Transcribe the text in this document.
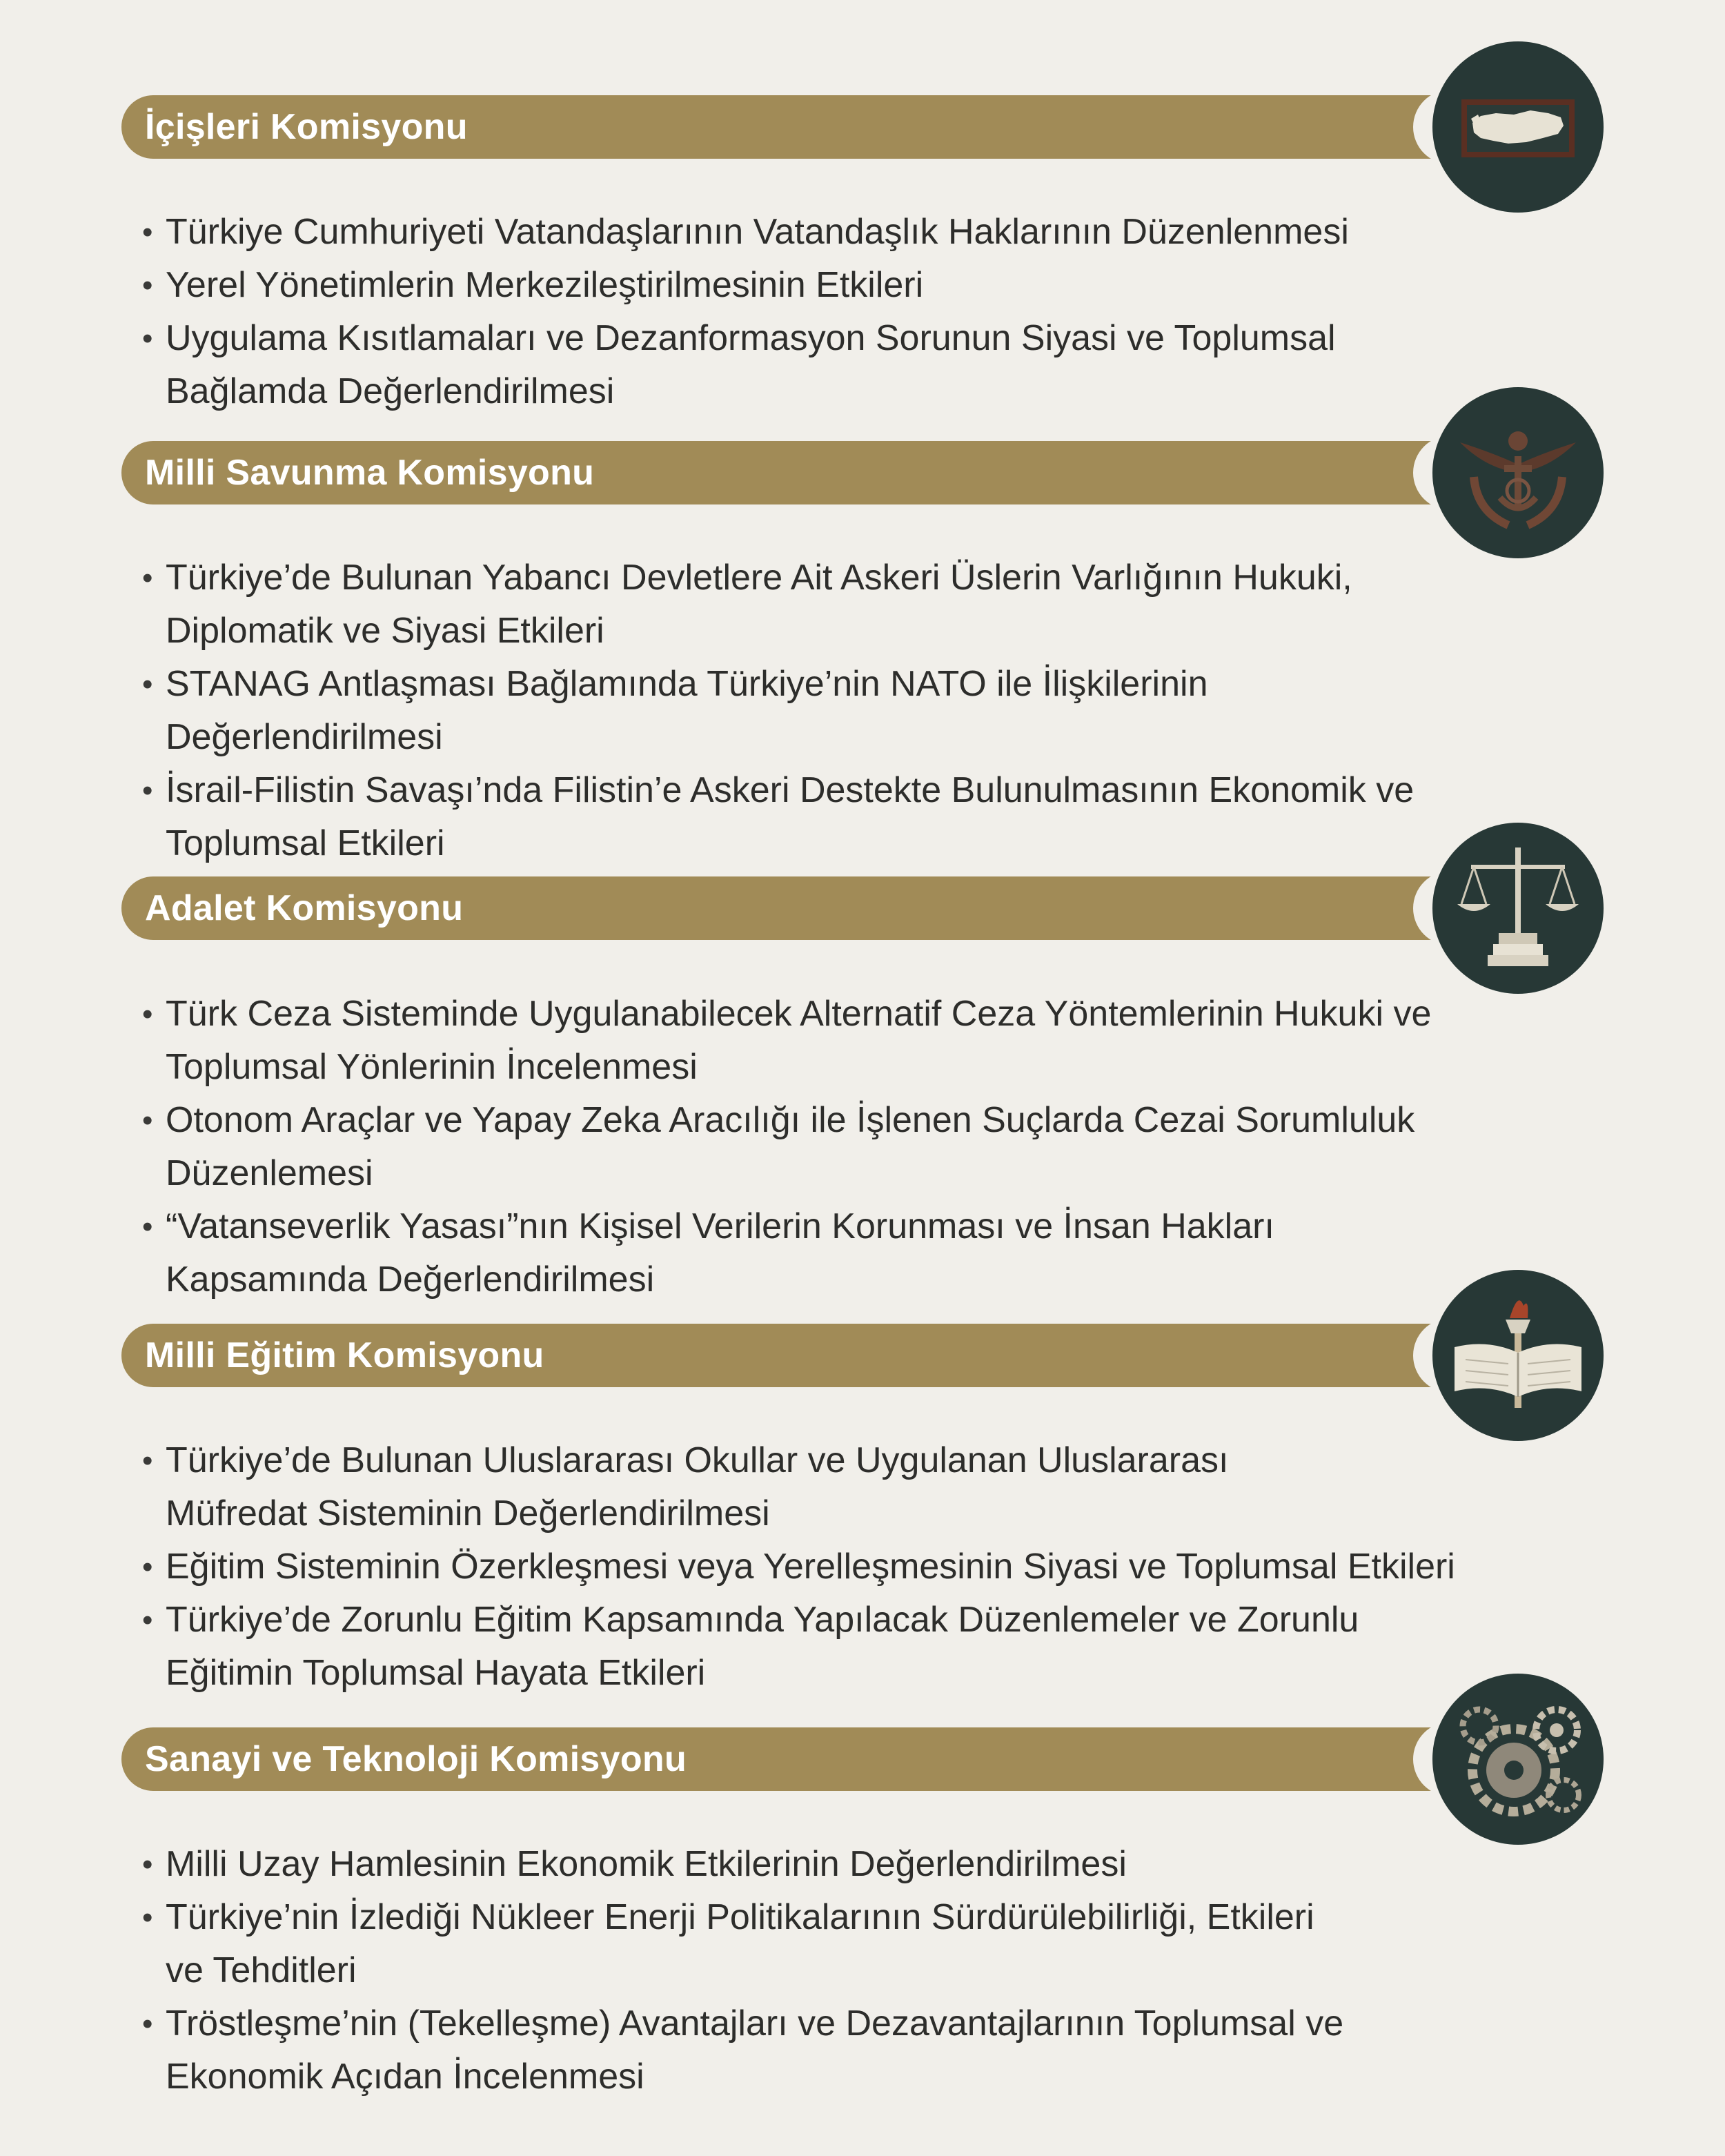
İçişleri Komisyonu
• Türkiye Cumhuriyeti Vatandaşlarının Vatandaşlık Haklarının Düzenlenmesi
• Yerel Yönetimlerin Merkezileştirilmesinin Etkileri
• Uygulama Kısıtlamaları ve Dezanformasyon Sorunun Siyasi ve Toplumsal
Bağlamda Değerlendirilmesi
Milli Savunma Komisyonu
• Türkiye’de Bulunan Yabancı Devletlere Ait Askeri Üslerin Varlığının Hukuki,
Diplomatik ve Siyasi Etkileri
• STANAG Antlaşması Bağlamında Türkiye’nin NATO ile İlişkilerinin
Değerlendirilmesi
• İsrail-Filistin Savaşı’nda Filistin’e Askeri Destekte Bulunulmasının Ekonomik ve
Toplumsal Etkileri
Adalet Komisyonu
• Türk Ceza Sisteminde Uygulanabilecek Alternatif Ceza Yöntemlerinin Hukuki ve
Toplumsal Yönlerinin İncelenmesi
• Otonom Araçlar ve Yapay Zeka Aracılığı ile İşlenen Suçlarda Cezai Sorumluluk
Düzenlemesi
• “Vatanseverlik Yasası”nın Kişisel Verilerin Korunması ve İnsan Hakları
Kapsamında Değerlendirilmesi
Milli Eğitim Komisyonu
• Türkiye’de Bulunan Uluslararası Okullar ve Uygulanan Uluslararası
Müfredat Sisteminin Değerlendirilmesi
• Eğitim Sisteminin Özerkleşmesi veya Yerelleşmesinin Siyasi ve Toplumsal Etkileri
• Türkiye’de Zorunlu Eğitim Kapsamında Yapılacak Düzenlemeler ve Zorunlu
Eğitimin Toplumsal Hayata Etkileri
Sanayi ve Teknoloji Komisyonu
• Milli Uzay Hamlesinin Ekonomik Etkilerinin Değerlendirilmesi
• Türkiye’nin İzlediği Nükleer Enerji Politikalarının Sürdürülebilirliği, Etkileri
ve Tehditleri
• Tröstleşme’nin (Tekelleşme) Avantajları ve Dezavantajlarının Toplumsal ve
Ekonomik Açıdan İncelenmesi
